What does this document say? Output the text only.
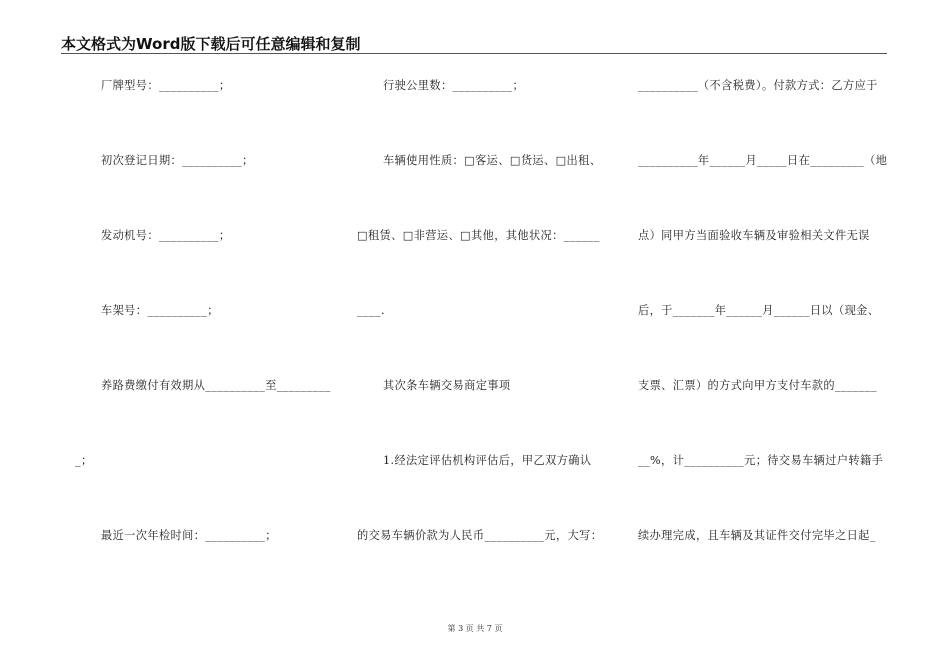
本文格式为Word版下载后可任意编辑和复制
厂牌型号：__________；
初次登记日期：__________；
发动机号：__________；
车架号：__________；
养路费缴付有效期从__________至_________
_；
最近一次年检时间：__________；
行驶公里数：__________；
车辆使用性质：□客运、□货运、□出租、
□租赁、□非营运、□其他，其他状况：______
____.
其次条车辆交易商定事项
1.经法定评估机构评估后，甲乙双方确认
的交易车辆价款为人民币__________元，大写：
__________（不含税费）。付款方式：乙方应于
__________年______月_____日在_________（地
点）同甲方当面验收车辆及审验相关文件无误
后，于_______年______月______日以（现金、
支票、汇票）的方式向甲方支付车款的_______
__%，计__________元；待交易车辆过户转籍手
续办理完成，且车辆及其证件交付完毕之日起_
第 3 页 共 7 页
